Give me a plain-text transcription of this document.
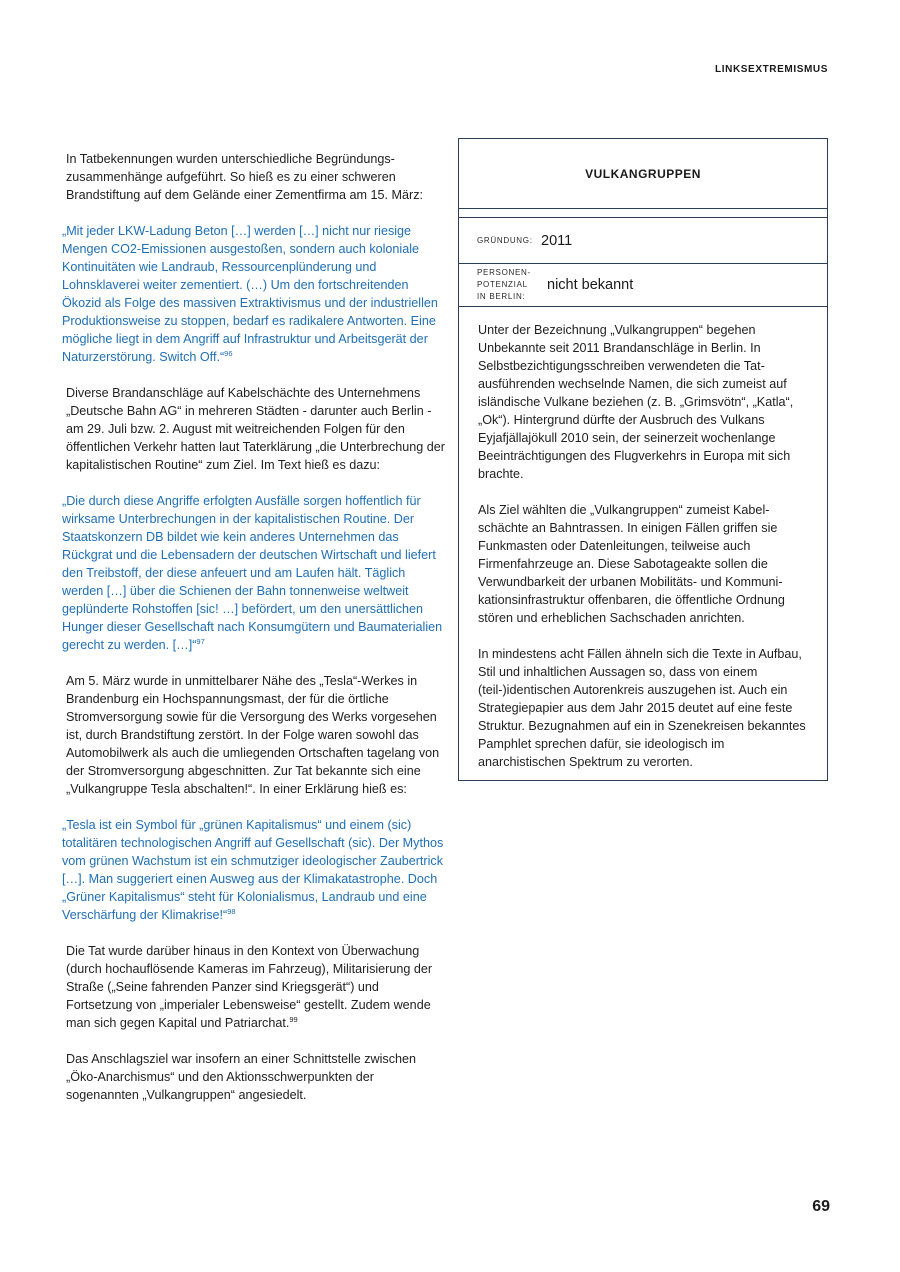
LINKSEXTREMISMUS

In Tatbekennungen wurden unterschiedliche Begründungszusammenhänge aufgeführt. So hieß es zu einer schweren Brandstiftung auf dem Gelände einer Zementfirma am 15. März:

„Mit jeder LKW-Ladung Beton […] werden […] nicht nur riesige Mengen CO2-Emissionen ausgestoßen, sondern auch koloniale Kontinuitäten wie Landraub, Ressourcenplünderung und Lohnsklaverei weiter zementiert. (…) Um den fortschreitenden Ökozid als Folge des massiven Extraktivismus und der industriellen Produktionsweise zu stoppen, bedarf es radikalere Antworten. Eine mögliche liegt in dem Angriff auf Infrastruktur und Arbeitsgerät der Naturzerstörung. Switch Off.“$^{96}$

Diverse Brandanschläge auf Kabelschächte des Unternehmens „Deutsche Bahn AG“ in mehreren Städten - darunter auch Berlin - am 29. Juli bzw. 2. August mit weitreichenden Folgen für den öffentlichen Verkehr hatten laut Taterklärung „die Unterbrechung der kapitalistischen Routine“ zum Ziel. Im Text hieß es dazu:

„Die durch diese Angriffe erfolgten Ausfälle sorgen hoffentlich für wirksame Unterbrechungen in der kapitalistischen Routine. Der Staatskonzern DB bildet wie kein anderes Unternehmen das Rückgrat und die Lebensadern der deutschen Wirtschaft und liefert den Treibstoff, der diese anfeuert und am Laufen hält. Täglich werden […] über die Schienen der Bahn tonnenweise weltweit geplünderte Rohstoffen [sic! …] befördert, um den unersättlichen Hunger dieser Gesellschaft nach Konsumgütern und Baumaterialien gerecht zu werden. […]“$^{97}$

Am 5. März wurde in unmittelbarer Nähe des „Tesla“-Werkes in Brandenburg ein Hochspannungsmast, der für die örtliche Stromversorgung sowie für die Versorgung des Werks vorgesehen ist, durch Brandstiftung zerstört. In der Folge waren sowohl das Automobilwerk als auch die umliegenden Ortschaften tagelang von der Stromversorgung abgeschnitten. Zur Tat bekannte sich eine „Vulkangruppe Tesla abschalten!“. In einer Erklärung hieß es:

„Tesla ist ein Symbol für „grünen Kapitalismus“ und einem (sic) totalitären technologischen Angriff auf Gesellschaft (sic). Der Mythos vom grünen Wachstum ist ein schmutziger ideologischer Zaubertrick […]. Man suggeriert einen Ausweg aus der Klimakatastrophe. Doch „Grüner Kapitalismus“ steht für Kolonialismus, Landraub und eine Verschärfung der Klimakrise!“$^{98}$

Die Tat wurde darüber hinaus in den Kontext von Überwachung (durch hochauflösende Kameras im Fahrzeug), Militarisierung der Straße („Seine fahrenden Panzer sind Kriegsgerät“) und Fortsetzung von „imperialer Lebensweise“ gestellt. Zudem wende man sich gegen Kapital und Patriarchat.$^{99}$

Das Anschlagsziel war insofern an einer Schnittstelle zwischen „Öko-Anarchismus“ und den Aktionsschwerpunkten der sogenannten „Vulkangruppen“ angesiedelt.

VULKANGRUPPEN
GRÜNDUNG: 2011
PERSONEN-
POTENZIAL
IN BERLIN:
nicht bekannt

Unter der Bezeichnung „Vulkangruppen“ begehen Unbekannte seit 2011 Brandanschläge in Berlin. In Selbstbezichtigungsschreiben verwendeten die Tatausführenden wechselnde Namen, die sich zumeist auf isländische Vulkane beziehen (z. B. „Grimsvötn“, „Katla“, „Ok“). Hintergrund dürfte der Ausbruch des Vulkans Eyjafjällajökull 2010 sein, der seinerzeit wochenlange Beeinträchtigungen des Flugverkehrs in Europa mit sich brachte.

Als Ziel wählten die „Vulkangruppen“ zumeist Kabelschächte an Bahntrassen. In einigen Fällen griffen sie Funkmasten oder Datenleitungen, teilweise auch Firmenfahrzeuge an. Diese Sabotageakte sollen die Verwundbarkeit der urbanen Mobilitäts- und Kommunikationsinfrastruktur offenbaren, die öffentliche Ordnung stören und erheblichen Sachschaden anrichten.

In mindestens acht Fällen ähneln sich die Texte in Aufbau, Stil und inhaltlichen Aussagen so, dass von einem (teil-)identischen Autorenkreis auszugehen ist. Auch ein Strategiepapier aus dem Jahr 2015 deutet auf eine feste Struktur. Bezugnahmen auf ein in Szenekreisen bekanntes Pamphlet sprechen dafür, sie ideologisch im anarchistischen Spektrum zu verorten.

69
